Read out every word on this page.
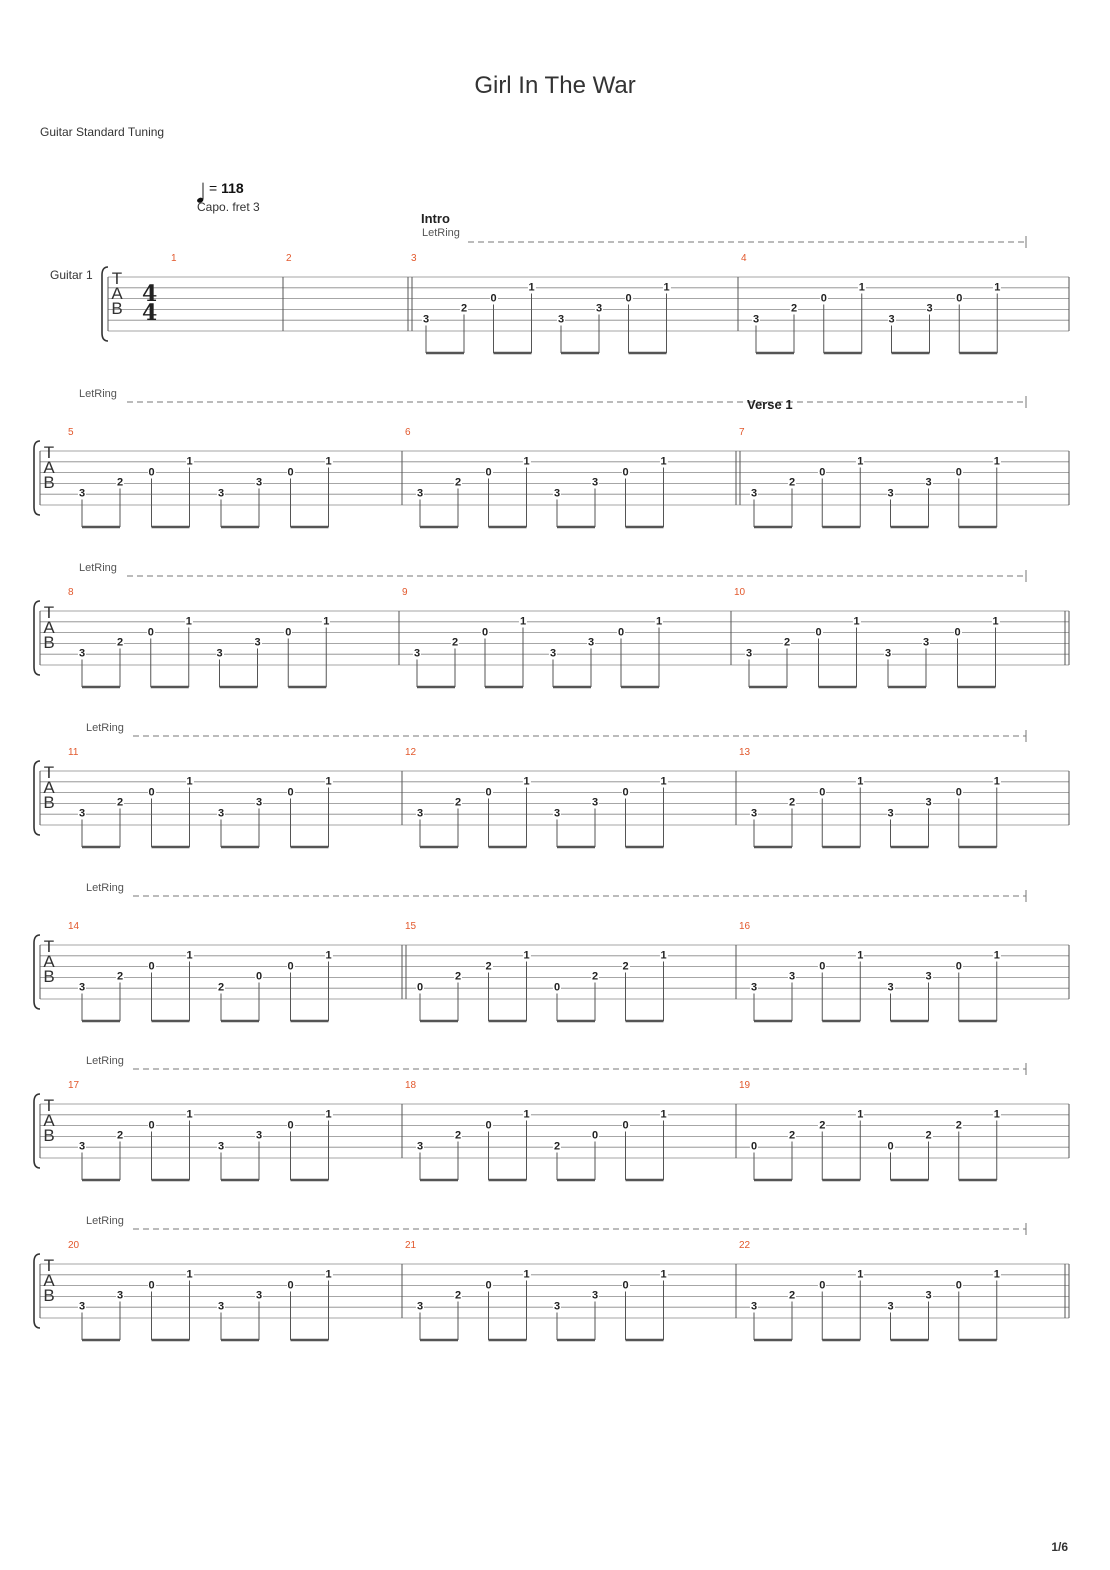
Girl In The War
Guitar Standard Tuning
= 118
Capo. fret 3
T
A
B
Guitar 1
4
4
LetRing
1	2	3
Intro
3
2
0
1
3
3
0
1
4
3
2
0
1
3
3
0
1
T
A
B
LetRing
5
3
2
0
1
3
3
0
1
6
3
2
0
1
3
3
0
1
7
Verse 1
3
2
0
1
3
3
0
1
T
A
B
LetRing
8
3
2
0
1
3
3
0
1
9
3
2
0
1
3
3
0
1
10
3
2
0
1
3
3
0
1
T
A
B
LetRing
11
3
2
0
1
3
3
0
1
12
3
2
0
1
3
3
0
1
13
3
2
0
1
3
3
0
1
T
A
B
LetRing
14
3
2
0
1
2
0
0
1
15
0
2
2
1
0
2
2
1
16
3
3
0
1
3
3
0
1
T
A
B
LetRing
17
3
2
0
1
3
3
0
1
18
3
2
0
1
2
0
0
1
19
0
2
2
1
0
2
2
1
T
A
B
LetRing
20
3
3
0
1
3
3
0
1
21
3
2
0
1
3
3
0
1
22
3
2
0
1
3
3
0
1
1/6
